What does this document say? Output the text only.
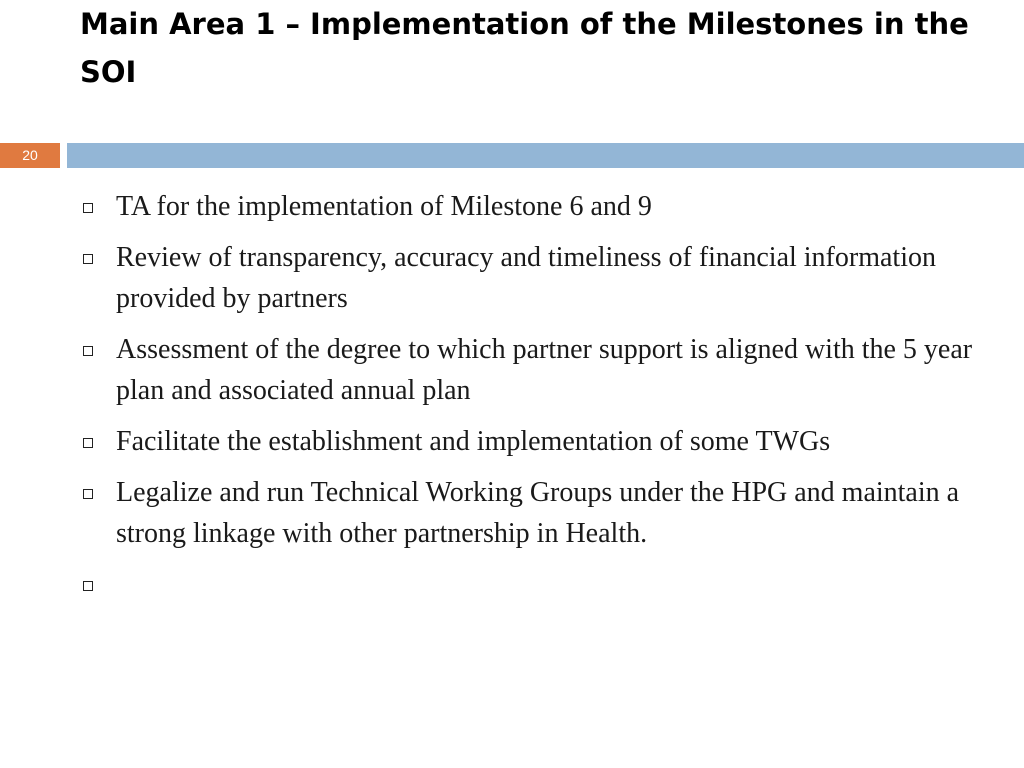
Main Area 1 – Implementation of the Milestones in the SOI
20
TA for the implementation of Milestone 6 and 9
Review of transparency, accuracy and timeliness of financial information provided by partners
Assessment of the degree to which partner support is aligned with the 5 year plan and associated annual plan
Facilitate the establishment and implementation of some TWGs
Legalize and run Technical Working Groups under the HPG and maintain a strong linkage with other partnership in Health.
